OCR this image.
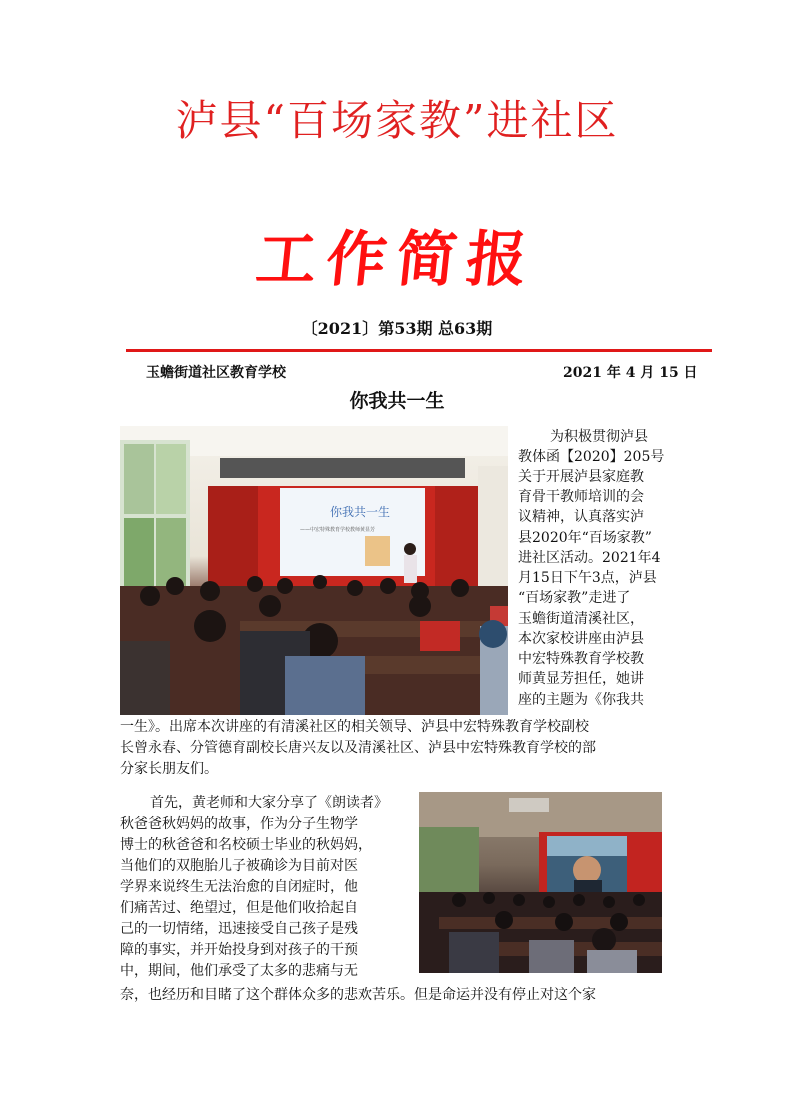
泸县“百场家教”进社区
工作简报
〔2021〕第53期 总63期
玉蟾街道社区教育学校	2021 年 4 月 15 日
你我共一生
你我共一生
——中宏特殊教育学校教师黄显芳
为积极贯彻泸县
教体函【2020】205号
关于开展泸县家庭教
育骨干教师培训的会
议精神，认真落实泸
县2020年“百场家教”
进社区活动。2021年4
月15日下午3点，泸县
“百场家教”走进了
玉蟾街道清溪社区，
本次家校讲座由泸县
中宏特殊教育学校教
师黄显芳担任，她讲
座的主题为《你我共
一生》。出席本次讲座的有清溪社区的相关领导、泸县中宏特殊教育学校副校
长曾永春、分管德育副校长唐兴友以及清溪社区、泸县中宏特殊教育学校的部
分家长朋友们。
首先，黄老师和大家分享了《朗读者》
秋爸爸秋妈妈的故事，作为分子生物学
博士的秋爸爸和名校硕士毕业的秋妈妈，
当他们的双胞胎儿子被确诊为目前对医
学界来说终生无法治愈的自闭症时，他
们痛苦过、绝望过，但是他们收拾起自
己的一切情绪，迅速接受自己孩子是残
障的事实，并开始投身到对孩子的干预
中，期间，他们承受了太多的悲痛与无
奈，也经历和目睹了这个群体众多的悲欢苦乐。但是命运并没有停止对这个家
